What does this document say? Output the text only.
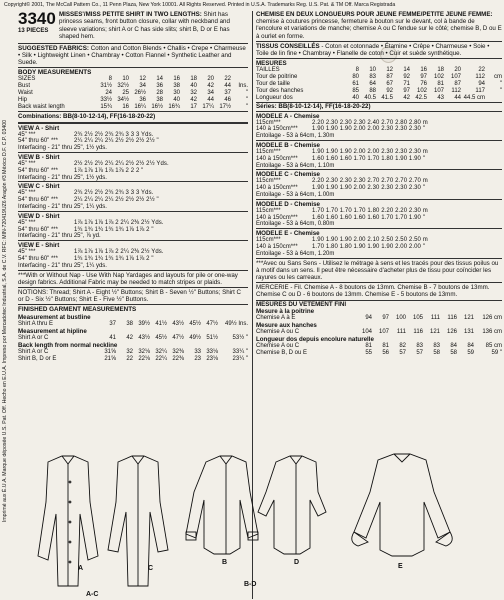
Copyright© 2001, The McCall Pattern Co., 11 Penn Plaza, New York 10001. All Rights Reserved. Printed in U.S.A. Trademarks Reg. U.S. Pat. & TM Off. Marca Registrada
Imprimé aux É.U.A. Marque déposée U.S. Pat. Off. Hecho en E.U.A. Impreso por Mercadotec Industrial, S.A. de C.V. RFC: MIN-720419UZ6 Aragón #3 México D.F. C.P. 03400
3340
13 PIECES
MISSES'/MISS PETITE SHIRT IN TWO LENGTHS: Shirt has princess seams, front button closure, collar with neckband and sleeve variations; shirt A or C has side slits; shirt B, D or E has shaped hem.
SUGGESTED FABRICS: Cotton and Cotton Blends • Challis • Crepe • Charmeuse • Silk • Lightweight Linen • Chambray • Cotton Flannel • Synthetic Leather and Suede.
BODY MEASUREMENTS
SIZES	8	10	12	14	16	18	20	22	
Bust	31½	32½	34	36	38	40	42	44	Ins.
Waist	24	25	26½	28	30	32	34	37	"
Hip	33½	34½	36	38	40	42	44	46	"
Back waist length	15¾	16	16¼	16½	16¾	17	17¼	17½	"
Combinations: BB(8-10-12-14), FF(16-18-20-22)
VIEW A - Shirt
45" ***	2¾ 2½ 2½ 2¾ 2¾ 3 3 3 Yds.
54" thru 60" ***	2¼ 2¼ 2¼ 2¼ 2½ 2½ 2½ 2½ "
Interfacing - 21" thru 25", 1½ yds.
VIEW B - Shirt
45" ***	2½ 2½ 2½ 2¼ 2¼ 2½ 2½ 2½ Yds.
54" thru 60" ***	1⅞ 1⅞ 1⅞ 1⅞ 1⅞ 2 2 2 "
Interfacing - 21" thru 25", 1½ yds.
VIEW C - Shirt
45" ***	2¾ 2½ 2½ 2¾ 2¾ 3 3 3 Yds.
54" thru 60" ***	2¼ 2¼ 2¼ 2¼ 2½ 2½ 2½ 2½ "
Interfacing - 21" thru 25", 1¼ yds.
VIEW D - Shirt
45" ***	1⅞ 1⅞ 1⅞ 1⅞ 2 2¼ 2⅜ 2½ Yds.
54" thru 60" ***	1¾ 1¾ 1¾ 1¾ 1¾ 1⅞ 1⅞ 2 "
Interfacing - 21" thru 25", ⅞ yd.
VIEW E - Shirt
45" ***	1⅞ 1⅞ 1⅞ 1⅞ 2 2¼ 2⅜ 2½ Yds.
54" thru 60" ***	1¾ 1¾ 1¾ 1¾ 1¾ 1⅞ 1⅞ 2 "
Interfacing - 21" thru 25", 1¼ yds.
***With or Without Nap - Use With Nap Yardages and layouts for pile or one-way design fabrics. Additional Fabric may be needed to match stripes or plaids.
NOTIONS: Thread; Shirt A - Eight ½" Buttons; Shirt B - Seven ½" Buttons; Shirt C or D - Six ½" Buttons; Shirt E - Five ½" Buttons.
FINISHED GARMENT MEASUREMENTS
Measurement at bustline
Shirt A thru E	37	38	39½	41½	43½	45½	47½	49½ Ins.
Measurement at hipline
Shirt A or C	41	42	43½	45½	47½	49½	51½	53½ "
Back length from normal neckline
Shirt A or C	31⅝	32	32⅛	32¼	32⅜	33	33⅛	33¼ "
Shirt B, D or E	21⅝	22	22⅛	22¼	22⅜	23	23⅛	23¼ "
CHEMISE EN DEUX LONGUEURS POUR JEUNE FEMME/PETITE JEUNE FEMME: chemise à coutures princesse, fermeture à bouton sur le devant, col à bande de l'encolure et variations de manche; chemise A ou C fendue sur le côté; chemise B, D ou E à ourlet en forme.
TISSUS CONSEILLÉS - Coton et cotonnade • Étamine • Crêpe • Charmeuse • Soie • Toile de lin fine • Chambray • Flanelle de coton • Cuir et suède synthétique.
MESURES
TAILLES	8	10	12	14	16	18	20	22	
Tour de poitrine	80	83	87	92	97	102	107	112	cm
Tour de taille	61	64	67	71	76	81	87	94	"
Tour des hanches	85	88	92	97	102	107	112	117	"
Longueur dos	40	40.5	41.5	42	42.5	43	44	44.5 cm	
Séries: BB(8-10-12-14), FF(16-18-20-22)
MODELE A - Chemise
115cm***	2.20 2.30 2.30 2.30 2.40 2.70 2.80 2.80 m
140 à 150cm***	1.90 1.90 1.90 2.00 2.00 2.30 2.30 2.30 "
Entoilage - 53 à 64cm, 1.30m
MODELE B - Chemise
115cm***	1.90 1.90 1.90 2.00 2.00 2.30 2.30 2.30 m
140 à 150cm***	1.60 1.60 1.60 1.70 1.70 1.80 1.90 1.90 "
Entoilage - 53 à 64cm, 1.10m
MODELE C - Chemise
115cm***	2.20 2.30 2.30 2.30 2.70 2.70 2.70 2.70 m
140 à 150cm***	1.90 1.90 1.90 2.00 2.30 2.30 2.30 2.30 "
Entoilage - 53 à 64cm, 1.00m
MODELE D - Chemise
115cm***	1.70 1.70 1.70 1.70 1.80 2.20 2.20 2.30 m
140 à 150cm***	1.60 1.60 1.60 1.60 1.60 1.70 1.70 1.90 "
Entoilage - 53 à 64cm, 0.80m
MODELE E - Chemise
115cm***	1.90 1.90 1.90 2.00 2.10 2.50 2.50 2.50 m
140 à 150cm***	1.70 1.80 1.80 1.90 1.90 1.90 2.00 2.00 "
Entoilage - 53 à 64cm, 1.20m
***Avec ou Sans Sens - Utilisez le métrage à sens et les tracés pour des tissus poilus ou à motif dans un sens. Il peut être nécessaire d'acheter plus de tissu pour coïncider les rayures ou les carreaux.
MERCERIE - Fil. Chemise A - 8 boutons de 13mm. Chemise B - 7 boutons de 13mm. Chemise C ou D - 6 boutons de 13mm. Chemise E - 5 boutons de 13mm.
MESURES DU VETEMENT FINI
Mesure à la poitrine
Chemise A à E	94	97	100	105	111	116	121	126 cm
Mesure aux hanches
Chemise A ou C	104	107	111	116	121	126	131	136 cm
Longueur dos depuis encolure naturelle
Chemise A ou C	81	81	82	83	83	84	84	85 cm
Chemise B, D ou E	55	56	57	57	58	58	59	59 "
A	C
A-C
B
B-D
D
E
